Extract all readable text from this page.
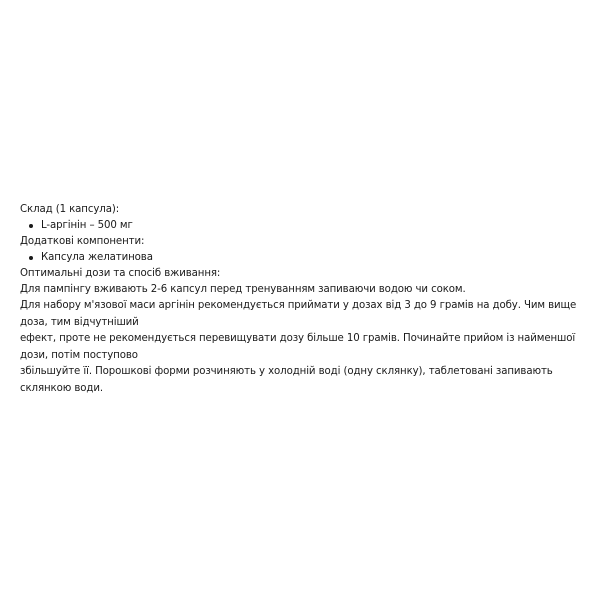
Склад (1 капсула):

L-аргінін – 500 мг

Додаткові компоненти:

Капсула желатинова

Оптимальні дози та спосіб вживання:

Для пампінгу вживають 2-6 капсул перед тренуванням запиваючи водою чи соком.

Для набору м'язової маси аргінін рекомендується приймати у дозах від 3 до 9 грамів на добу. Чим вище доза, тим відчутніший
ефект, проте не рекомендується перевищувати дозу більше 10 грамів. Починайте прийом із найменшої дози, потім поступово
збільшуйте її. Порошкові форми розчиняють у холодній воді (одну склянку), таблетовані запивають склянкою води.
